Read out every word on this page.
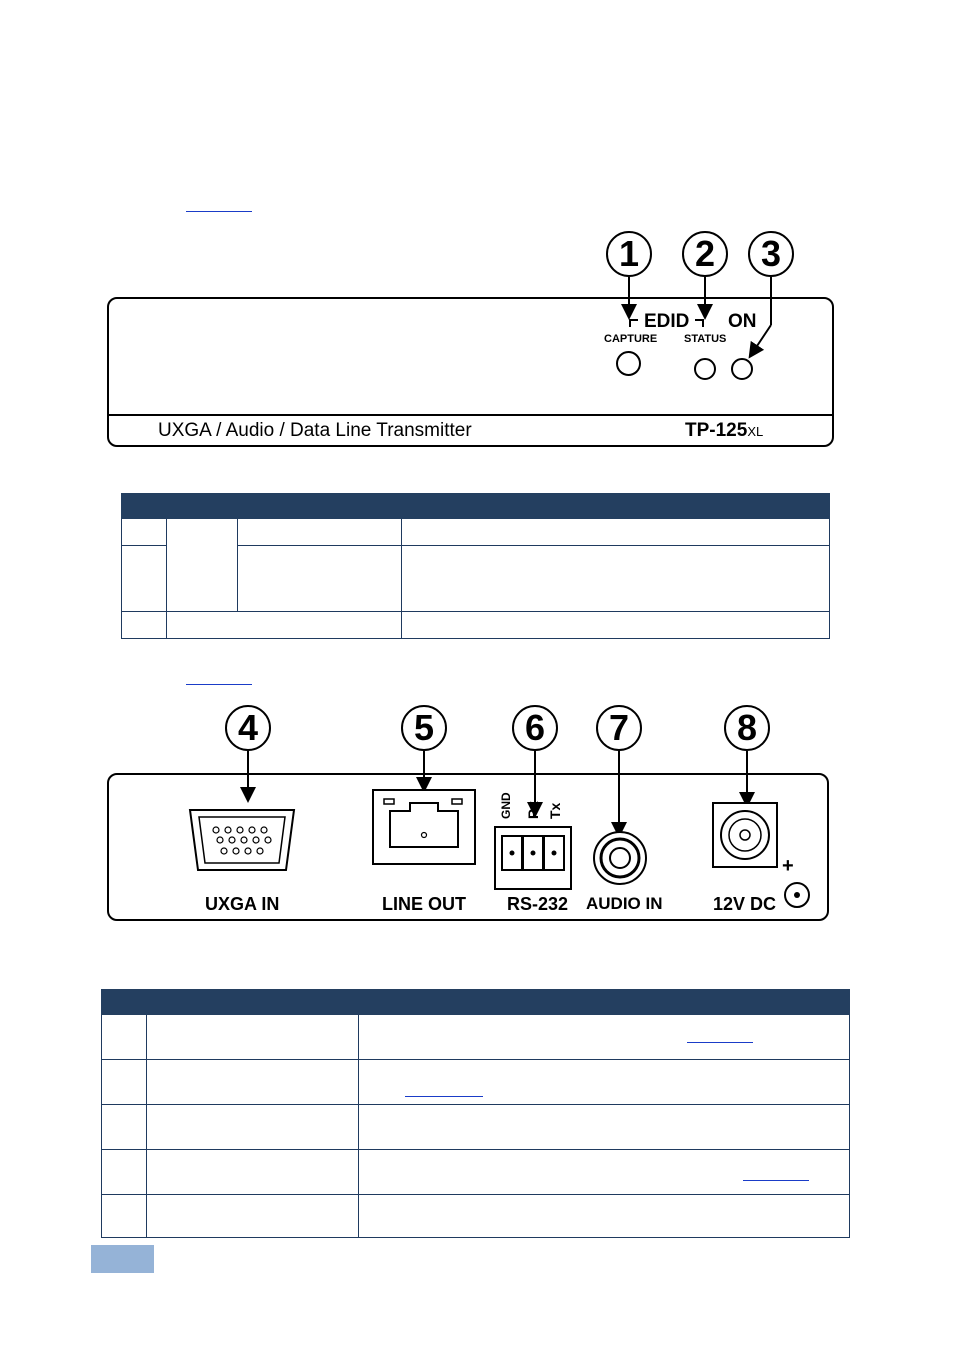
1	2	3
EDID ON
CAPTURE STATUS
UXGA / Audio / Data Line Transmitter	TP-125XL

4	5	6	7	8
UXGA IN	LINE OUT
GND Rx Tx
RS-232 AUDIO IN	12V DC
+
